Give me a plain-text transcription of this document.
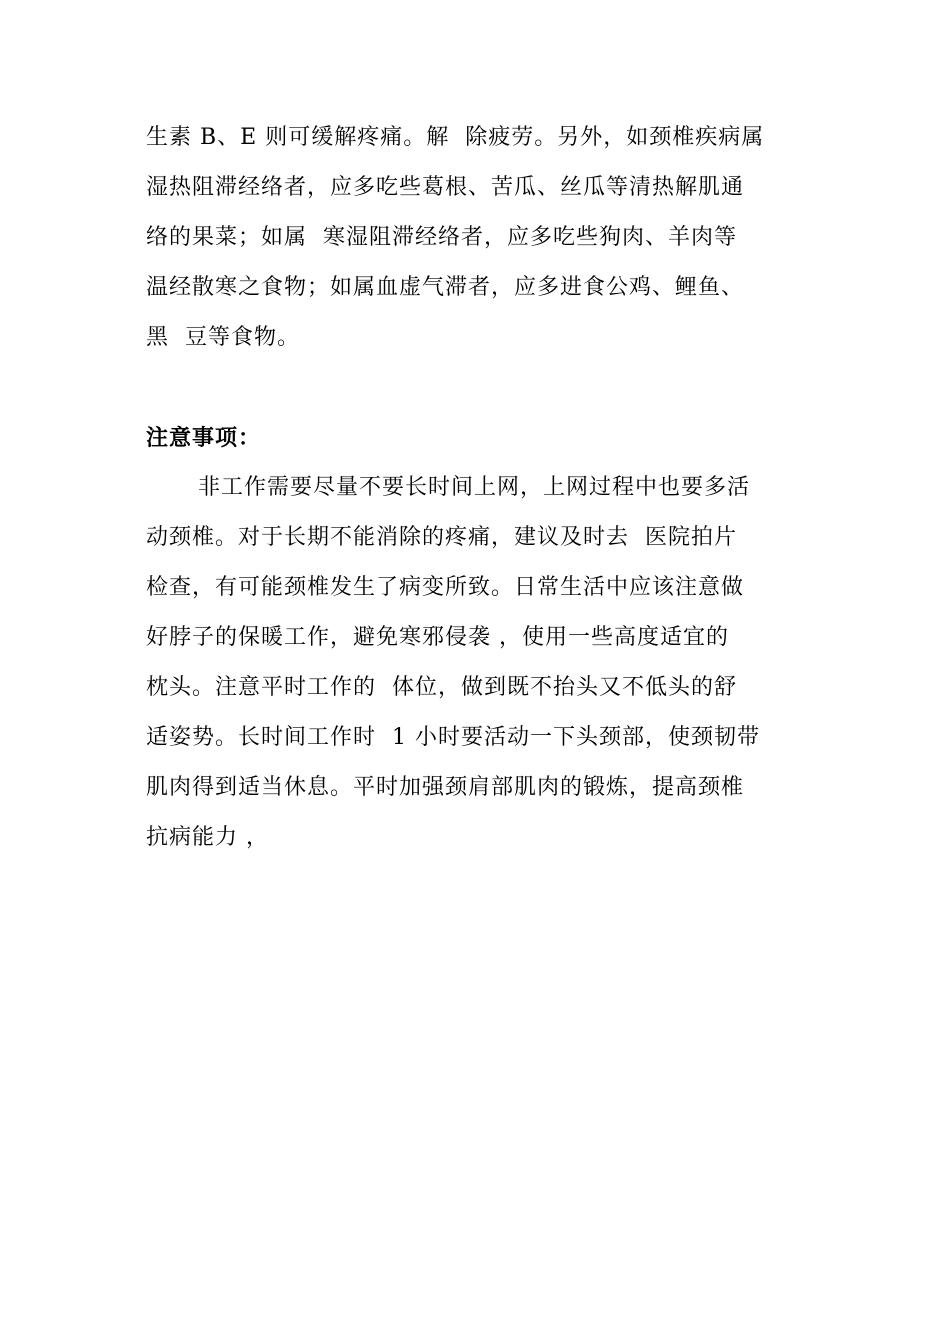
生素 B、E 则可缓解疼痛。解  除疲劳。另外，如颈椎疾病属
湿热阻滞经络者，应多吃些葛根、苦瓜、丝瓜等清热解肌通
络的果菜；如属  寒湿阻滞经络者，应多吃些狗肉、羊肉等
温经散寒之食物；如属血虚气滞者，应多进食公鸡、鲤鱼、
黑  豆等食物。
注意事项：
非工作需要尽量不要长时间上网，上网过程中也要多活
动颈椎。对于长期不能消除的疼痛，建议及时去  医院拍片
检查，有可能颈椎发生了病变所致。日常生活中应该注意做
好脖子的保暖工作，避免寒邪侵袭 ，使用一些高度适宜的
枕头。注意平时工作的  体位，做到既不抬头又不低头的舒
适姿势。长时间工作时  1 小时要活动一下头颈部，使颈韧带
肌肉得到适当休息。平时加强颈肩部肌肉的锻炼，提高颈椎
抗病能力 ，
